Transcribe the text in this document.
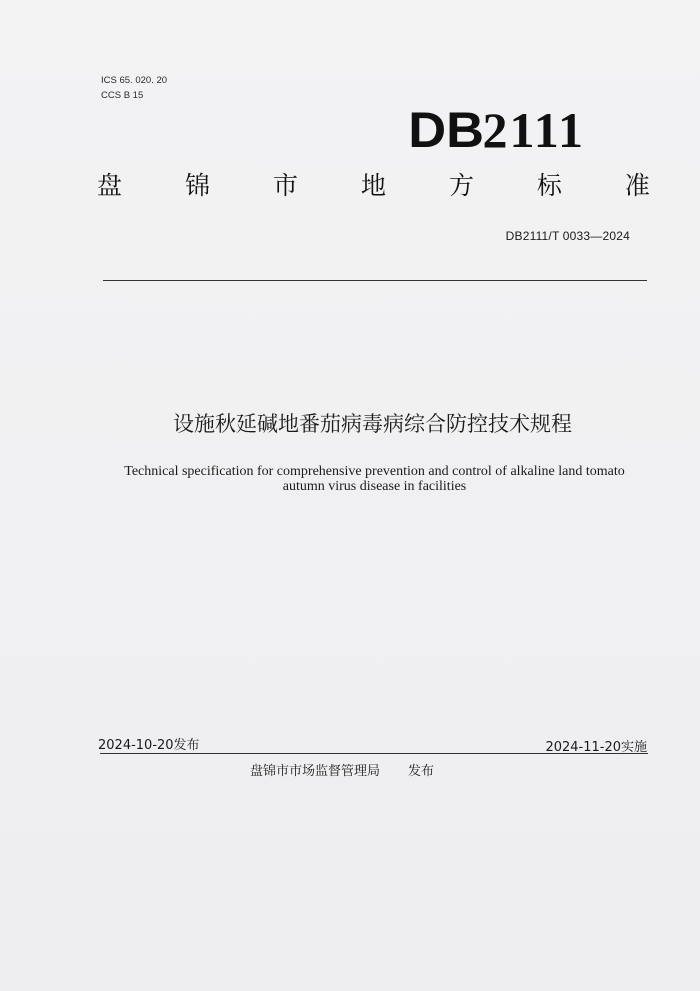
ICS 65. 020. 20
CCS B 15
DB2111
盘	锦	市	地	方	标	准
DB2111/T 0033—2024
设施秋延碱地番茄病毒病综合防控技术规程
Technical specification for comprehensive prevention and control of alkaline land tomato autumn virus disease in facilities
2024-10-20发布	2024-11-20实施
盘锦市市场监督管理局 发布
